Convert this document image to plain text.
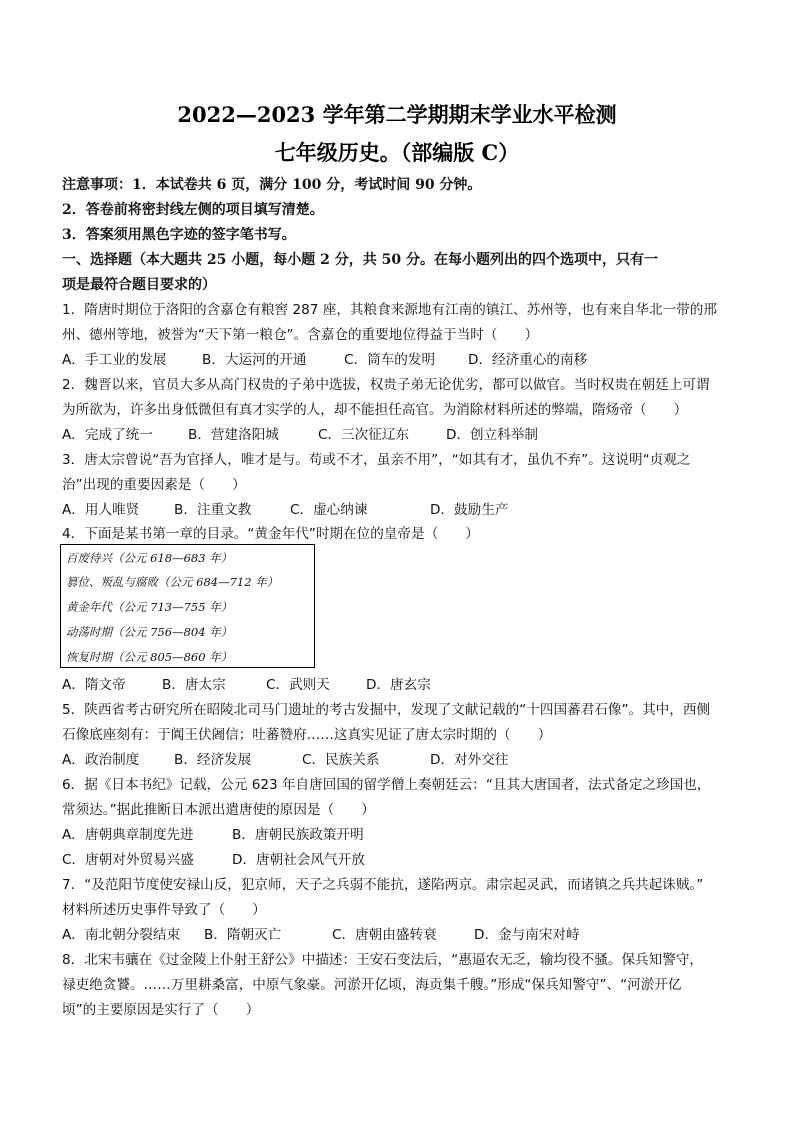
2022—2023 学年第二学期期末学业水平检测
七年级历史。（部编版 C）
注意事项：1．本试卷共 6 页，满分 100 分，考试时间 90 分钟。
2．答卷前将密封线左侧的项目填写清楚。
3．答案须用黑色字迹的签字笔书写。
一、选择题（本大题共 25 小题，每小题 2 分，共 50 分。在每小题列出的四个选项中，只有一
项是最符合题目要求的）
1．隋唐时期位于洛阳的含嘉仓有粮窖 287 座，其粮食来源地有江南的镇江、苏州等，也有来自华北一带的邢
州、德州等地，被誉为“天下第一粮仓”。含嘉仓的重要地位得益于当时（　　）
A．手工业的发展	B．大运河的开通	C．筒车的发明 D．经济重心的南移
2．魏晋以来，官员大多从高门权贵的子弟中选拔，权贵子弟无论优劣，都可以做官。当时权贵在朝廷上可谓
为所欲为，许多出身低微但有真才实学的人，却不能担任高官。为消除材料所述的弊端，隋炀帝（　　）
A．完成了统一	B．营建洛阳城	C．三次征辽东	D．创立科举制
3．唐太宗曾说“吾为官择人，唯才是与。苟或不才，虽亲不用”，“如其有才，虽仇不弃”。这说明“贞观之
治”出现的重要因素是（　　）
A．用人唯贤	B．注重文教	C．虚心纳谏	D．鼓励生产
4．下面是某书第一章的目录。“黄金年代”时期在位的皇帝是（　　）
百废待兴（公元 618—683 年）
篡位、叛乱与腐败（公元 684—712 年）
黄金年代（公元 713—755 年）
动荡时期（公元 756—804 年）
恢复时期（公元 805—860 年）
A．隋文帝	B．唐太宗	C．武则天	D．唐玄宗
5．陕西省考古研究所在昭陵北司马门遗址的考古发掘中，发现了文献记载的“十四国蕃君石像”。其中，西侧
石像底座刻有：于阗王伏阇信；吐蕃赞府……这真实见证了唐太宗时期的（　　）
A．政治制度	B．经济发展	C．民族关系	D．对外交往
6．据《日本书纪》记载，公元 623 年自唐回国的留学僧上奏朝廷云：“且其大唐国者，法式备定之珍国也，
常须达。”据此推断日本派出遣唐使的原因是（　　）
A．唐朝典章制度先进	B．唐朝民族政策开明
C．唐朝对外贸易兴盛	D．唐朝社会风气开放
7．“及范阳节度使安禄山反，犯京师，天子之兵弱不能抗，遂陷两京。肃宗起灵武，而诸镇之兵共起诛贼。”
材料所述历史事件导致了（　　）
A．南北朝分裂结束 B．隋朝灭亡	C．唐朝由盛转衰	D．金与南宋对峙
8．北宋韦骧在《过金陵上仆射王舒公》中描述：王安石变法后，“惠逼农无乏，输均役不骚。保兵知警守，
禄吏绝贪饕。……万里耕桑富，中原气象豪。河淤开亿顷，海贡集千艘。”形成“保兵知警守”、“河淤开亿
顷”的主要原因是实行了（　　）
